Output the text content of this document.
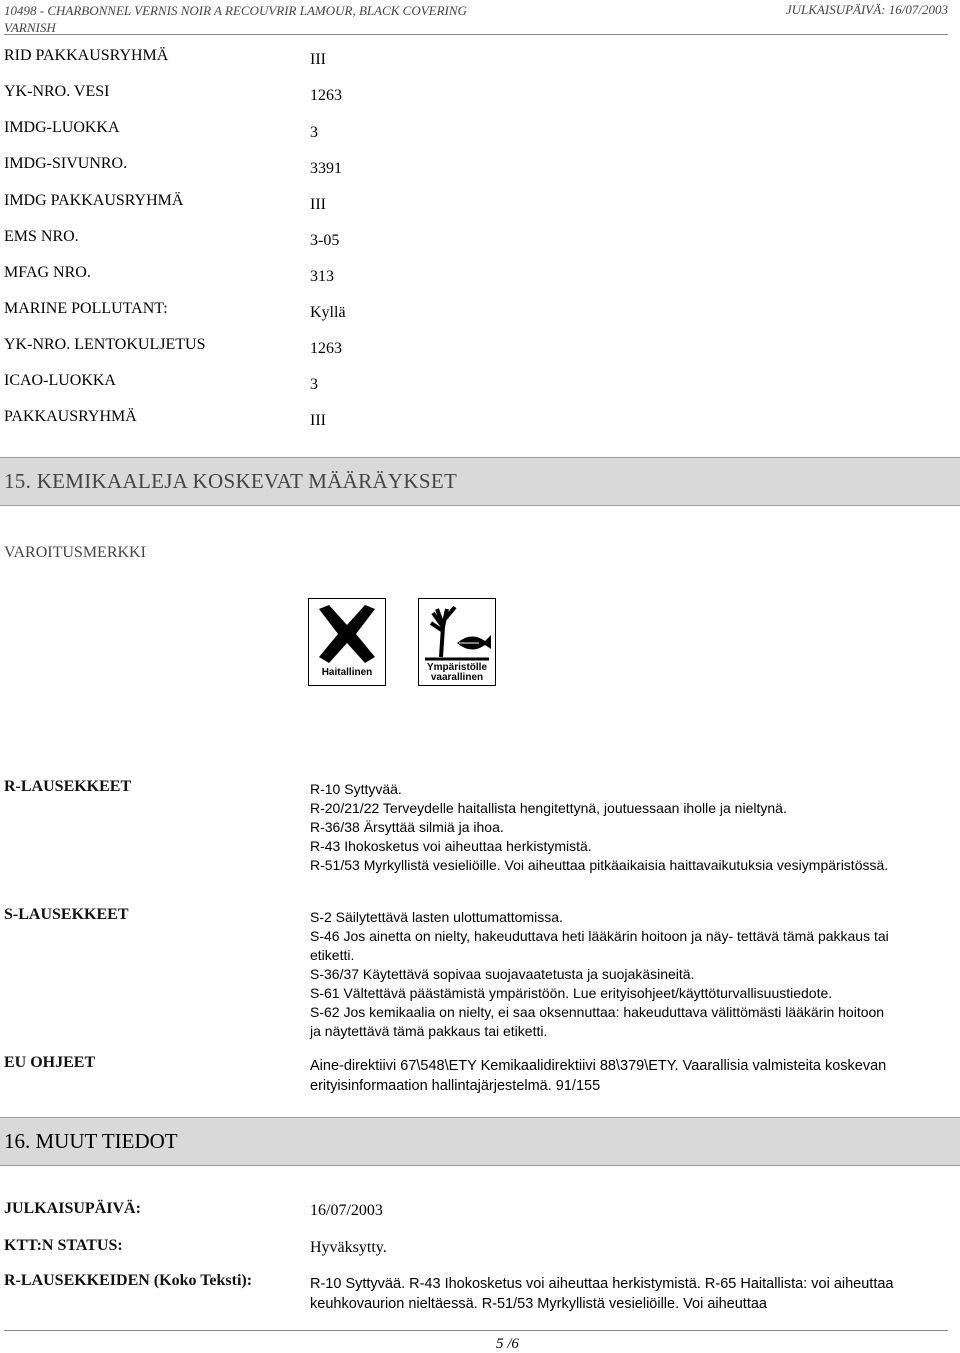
10498 - CHARBONNEL VERNIS NOIR A RECOUVRIR LAMOUR, BLACK COVERING VARNISH
JULKAISUPÄIVÄ: 16/07/2003
RID PAKKAUSRYHMÄ	III
YK-NRO. VESI	1263
IMDG-LUOKKA	3
IMDG-SIVUNRO.	3391
IMDG PAKKAUSRYHMÄ	III
EMS NRO.	3-05
MFAG NRO.	313
MARINE POLLUTANT:	Kyllä
YK-NRO. LENTOKULJETUS	1263
ICAO-LUOKKA	3
PAKKAUSRYHMÄ	III
15. KEMIKAALEJA KOSKEVAT MÄÄRÄYKSET
VAROITUSMERKKI
Haitallinen	Ympäristölle
vaarallinen
R-LAUSEKKEET	R-10 Syttyvää.
R-20/21/22 Terveydelle haitallista hengitettynä, joutuessaan iholle ja nieltynä.
R-36/38 Ärsyttää silmiä ja ihoa.
R-43 Ihokosketus voi aiheuttaa herkistymistä.
R-51/53 Myrkyllistä vesieliöille. Voi aiheuttaa pitkäaikaisia haittavaikutuksia vesiympäristössä.
S-LAUSEKKEET	S-2 Säilytettävä lasten ulottumattomissa.
S-46 Jos ainetta on nielty, hakeuduttava heti lääkärin hoitoon ja näy- tettävä tämä pakkaus tai etiketti.
S-36/37 Käytettävä sopivaa suojavaatetusta ja suojakäsineitä.
S-61 Vältettävä päästämistä ympäristöön. Lue erityisohjeet/käyttöturvallisuustiedote.
S-62 Jos kemikaalia on nielty, ei saa oksennuttaa: hakeuduttava välittömästi lääkärin hoitoon ja näytettävä tämä pakkaus tai etiketti.
EU OHJEET	Aine-direktiivi 67\548\ETY Kemikaalidirektiivi 88\379\ETY. Vaarallisia valmisteita koskevan erityisinformaation hallintajärjestelmä. 91/155
16. MUUT TIEDOT
JULKAISUPÄIVÄ:	16/07/2003
KTT:N STATUS:	Hyväksytty.
R-LAUSEKKEIDEN (Koko Teksti):	R-10 Syttyvää. R-43 Ihokosketus voi aiheuttaa herkistymistä. R-65 Haitallista: voi aiheuttaa keuhkovaurion nieltäessä. R-51/53 Myrkyllistä vesieliöille. Voi aiheuttaa
5 /6
